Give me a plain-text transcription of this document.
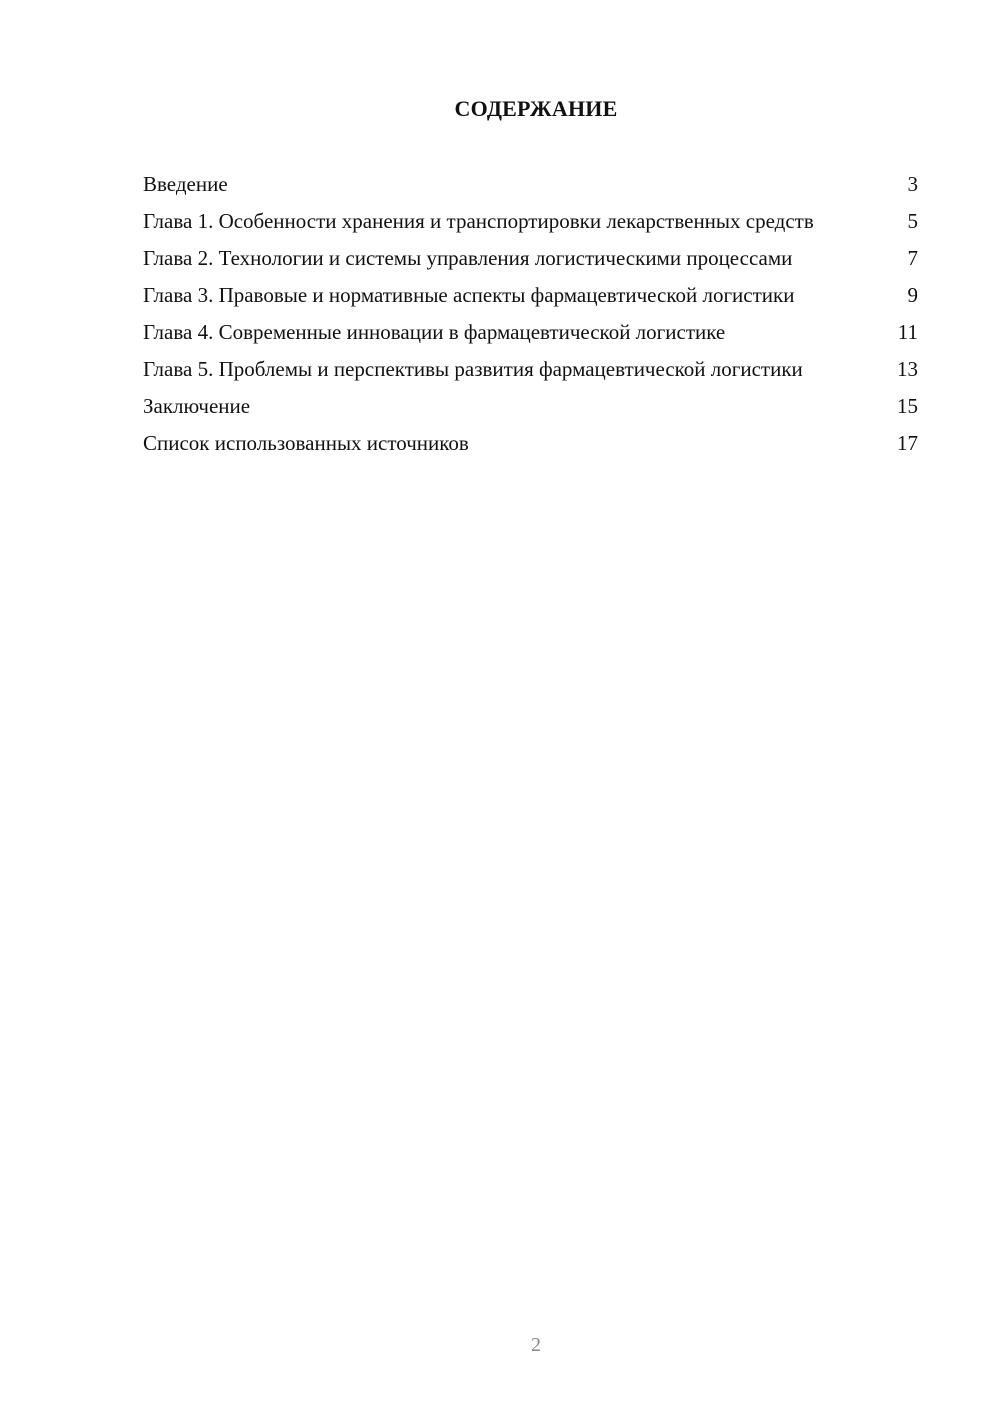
СОДЕРЖАНИЕ
Введение	3
Глава 1. Особенности хранения и транспортировки лекарственных средств	5
Глава 2. Технологии и системы управления логистическими процессами	7
Глава 3. Правовые и нормативные аспекты фармацевтической логистики	9
Глава 4. Современные инновации в фармацевтической логистике	11
Глава 5. Проблемы и перспективы развития фармацевтической логистики	13
Заключение	15
Список использованных источников	17
2
